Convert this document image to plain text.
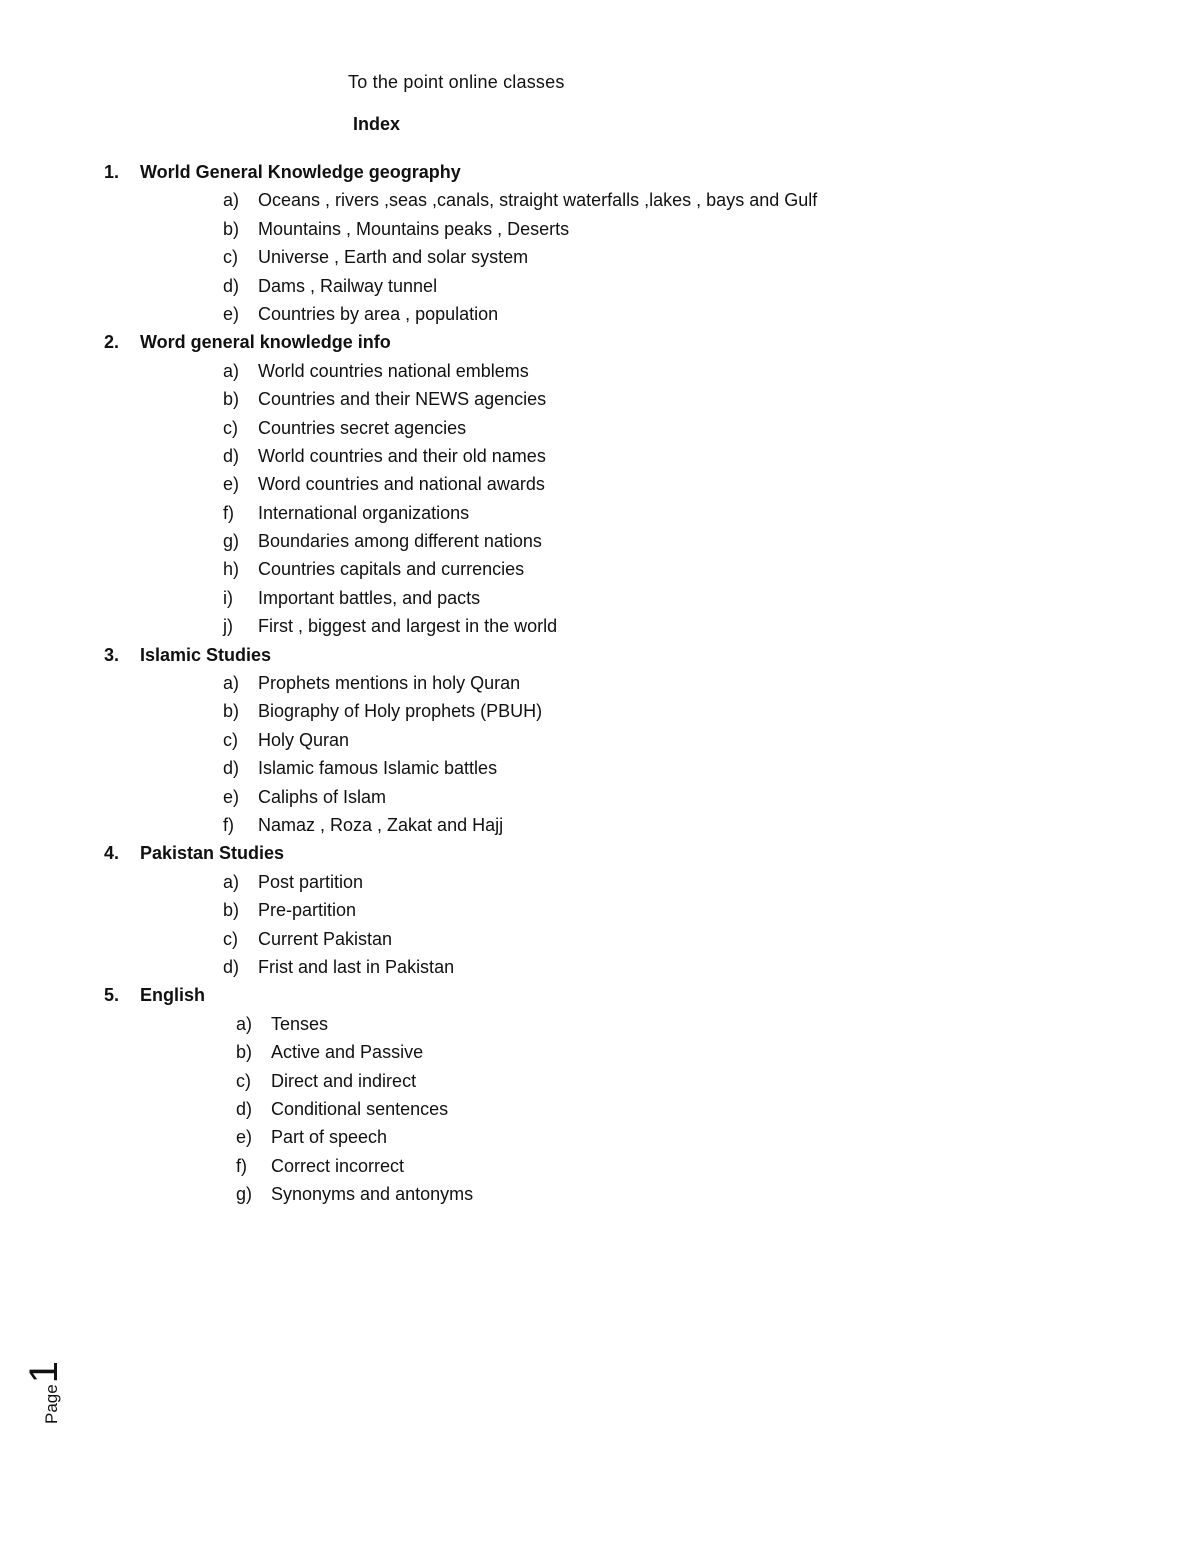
To the point online classes
Index
1. World General Knowledge geography
a) Oceans , rivers ,seas ,canals, straight waterfalls ,lakes , bays and Gulf
b) Mountains , Mountains peaks , Deserts
c) Universe , Earth and solar system
d) Dams , Railway tunnel
e) Countries by area , population
2. Word general knowledge info
a) World countries national emblems
b) Countries and their NEWS agencies
c) Countries secret agencies
d) World countries and their old names
e) Word countries and national awards
f) International organizations
g) Boundaries among different nations
h) Countries capitals and currencies
i) Important battles, and pacts
j) First , biggest and largest in the world
3. Islamic Studies
a) Prophets mentions in holy Quran
b) Biography of Holy prophets (PBUH)
c) Holy Quran
d) Islamic famous Islamic battles
e) Caliphs of Islam
f) Namaz , Roza , Zakat and Hajj
4. Pakistan Studies
a) Post partition
b) Pre-partition
c) Current Pakistan
d) Frist and last in Pakistan
5. English
a) Tenses
b) Active and Passive
c) Direct and indirect
d) Conditional sentences
e) Part of speech
f) Correct incorrect
g) Synonyms and antonyms
Page1
